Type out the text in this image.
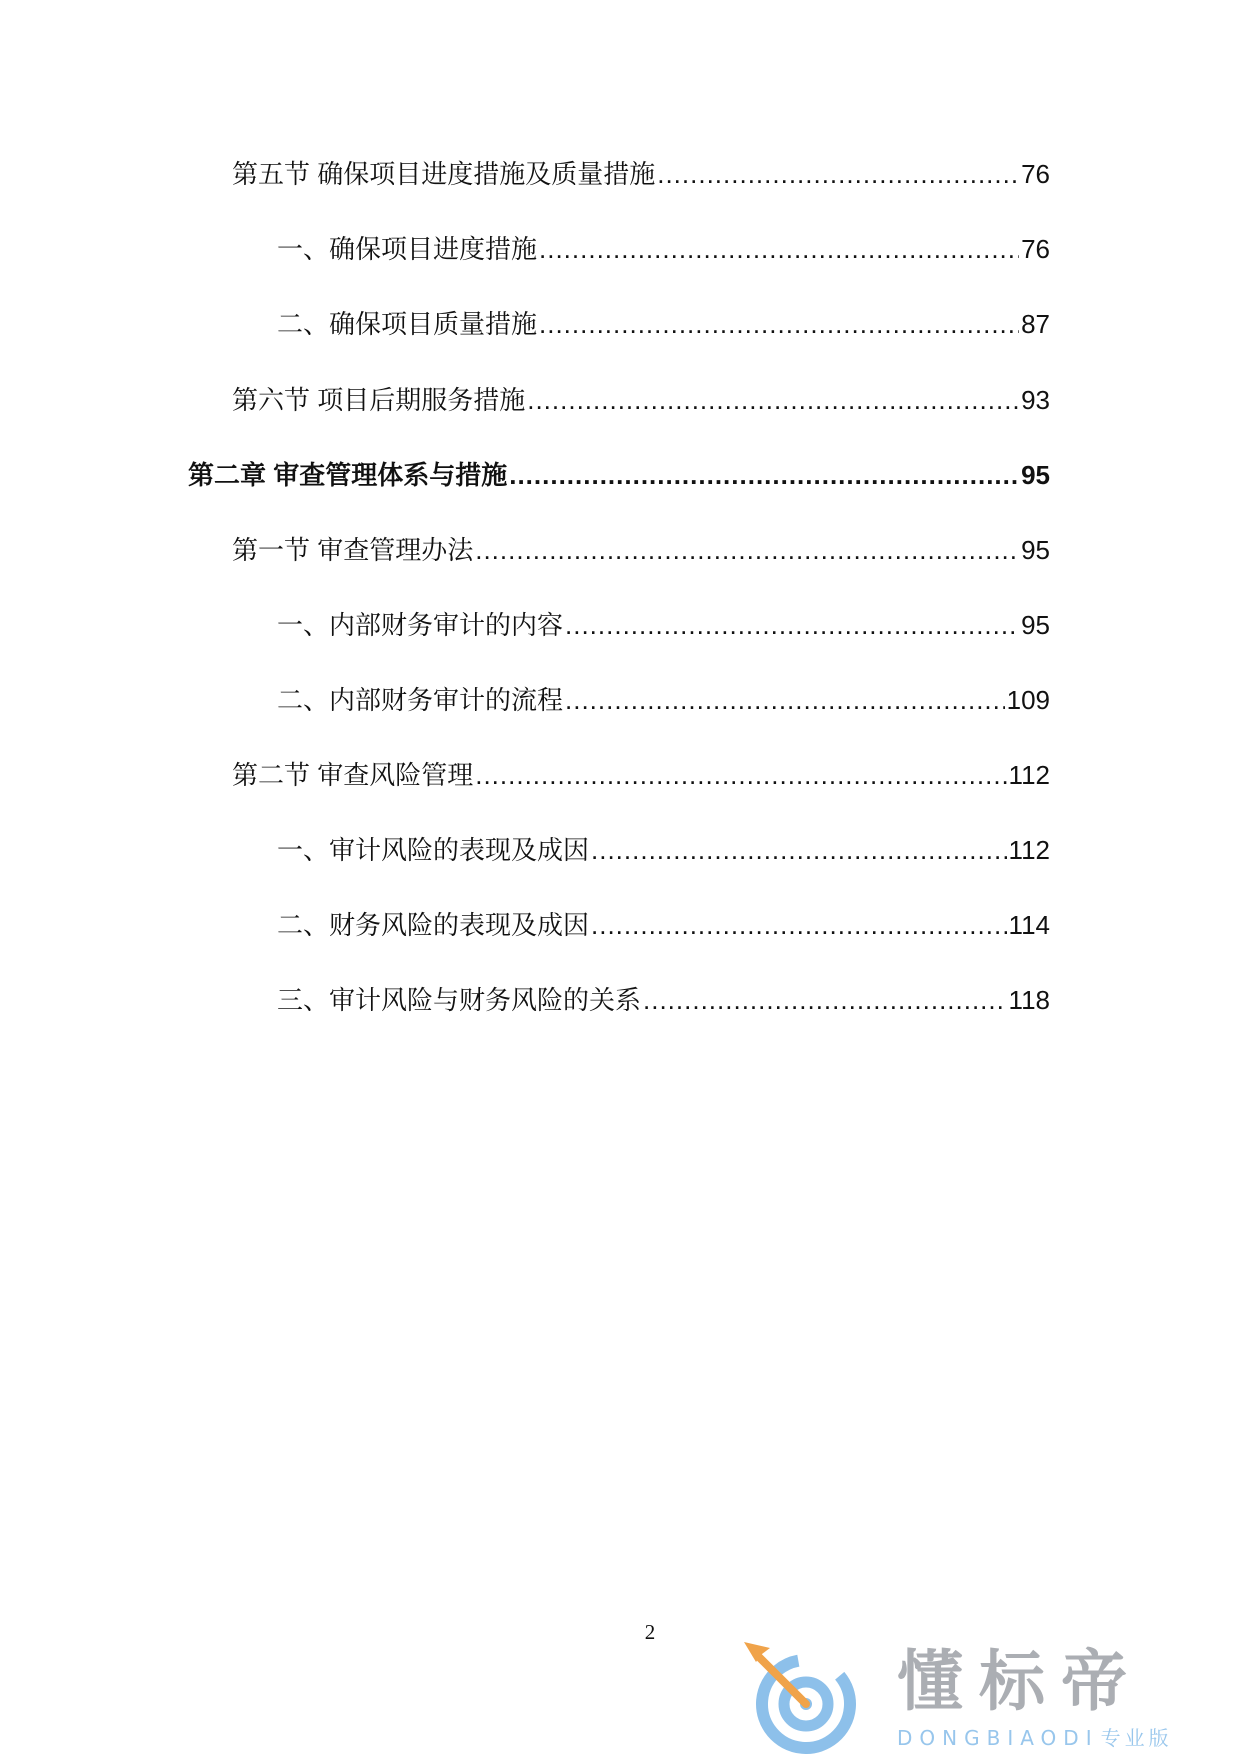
第五节 确保项目进度措施及质量措施 .....	76
一、确保项目进度措施 .....	76
二、确保项目质量措施 .....	87
第六节 项目后期服务措施 .....	93
第二章 审查管理体系与措施 .....	95
第一节 审查管理办法 .....	95
一、内部财务审计的内容 .....	95
二、内部财务审计的流程 .....	109
第二节 审查风险管理 .....	112
一、审计风险的表现及成因 .....	112
二、财务风险的表现及成因 .....	114
三、审计风险与财务风险的关系 .....	118
2
懂标帝
DONGBIAODI 专业版
